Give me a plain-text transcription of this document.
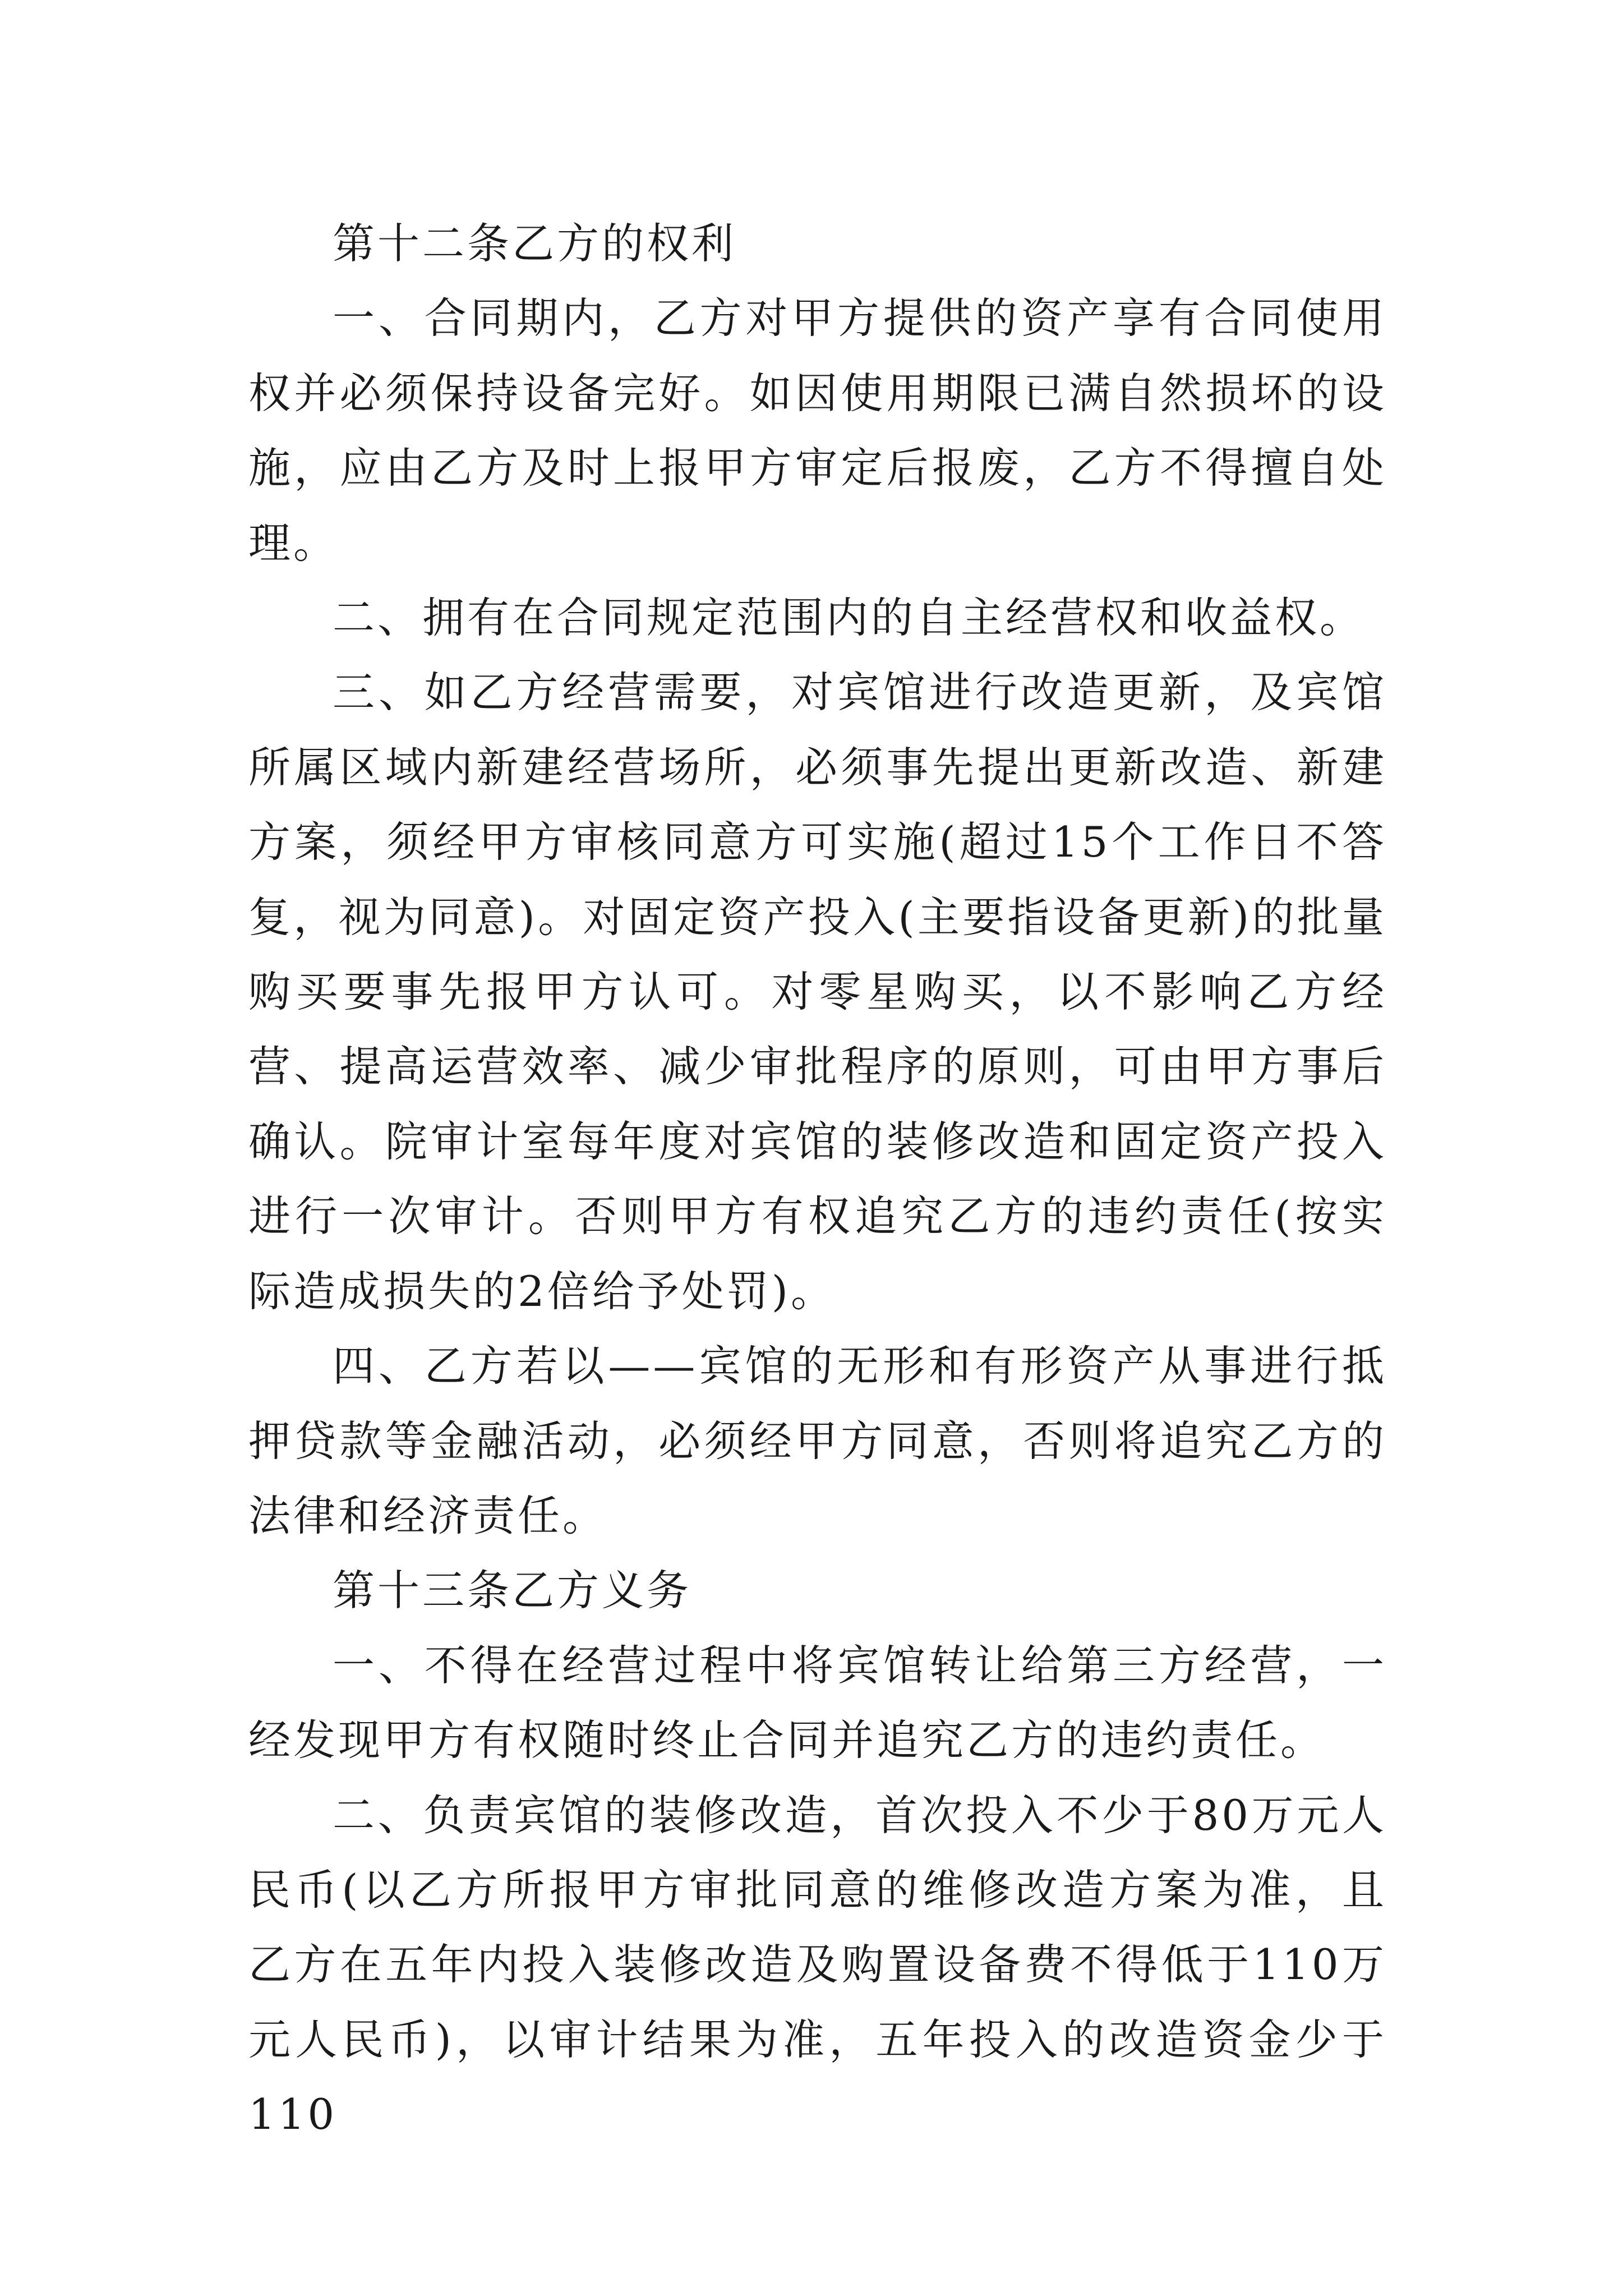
第十二条乙方的权利

一、合同期内，乙方对甲方提供的资产享有合同使用权并必须保持设备完好。如因使用期限已满自然损坏的设施，应由乙方及时上报甲方审定后报废，乙方不得擅自处理。

二、拥有在合同规定范围内的自主经营权和收益权。

三、如乙方经营需要，对宾馆进行改造更新，及宾馆所属区域内新建经营场所，必须事先提出更新改造、新建方案，须经甲方审核同意方可实施(超过15个工作日不答复，视为同意)。对固定资产投入(主要指设备更新)的批量购买要事先报甲方认可。对零星购买，以不影响乙方经营、提高运营效率、减少审批程序的原则，可由甲方事后确认。院审计室每年度对宾馆的装修改造和固定资产投入进行一次审计。否则甲方有权追究乙方的违约责任(按实际造成损失的2倍给予处罚)。

四、乙方若以——宾馆的无形和有形资产从事进行抵押贷款等金融活动，必须经甲方同意，否则将追究乙方的法律和经济责任。

第十三条乙方义务

一、不得在经营过程中将宾馆转让给第三方经营，一经发现甲方有权随时终止合同并追究乙方的违约责任。

二、负责宾馆的装修改造，首次投入不少于80万元人民币(以乙方所报甲方审批同意的维修改造方案为准，且乙方在五年内投入装修改造及购置设备费不得低于110万元人民币)，以审计结果为准，五年投入的改造资金少于110
